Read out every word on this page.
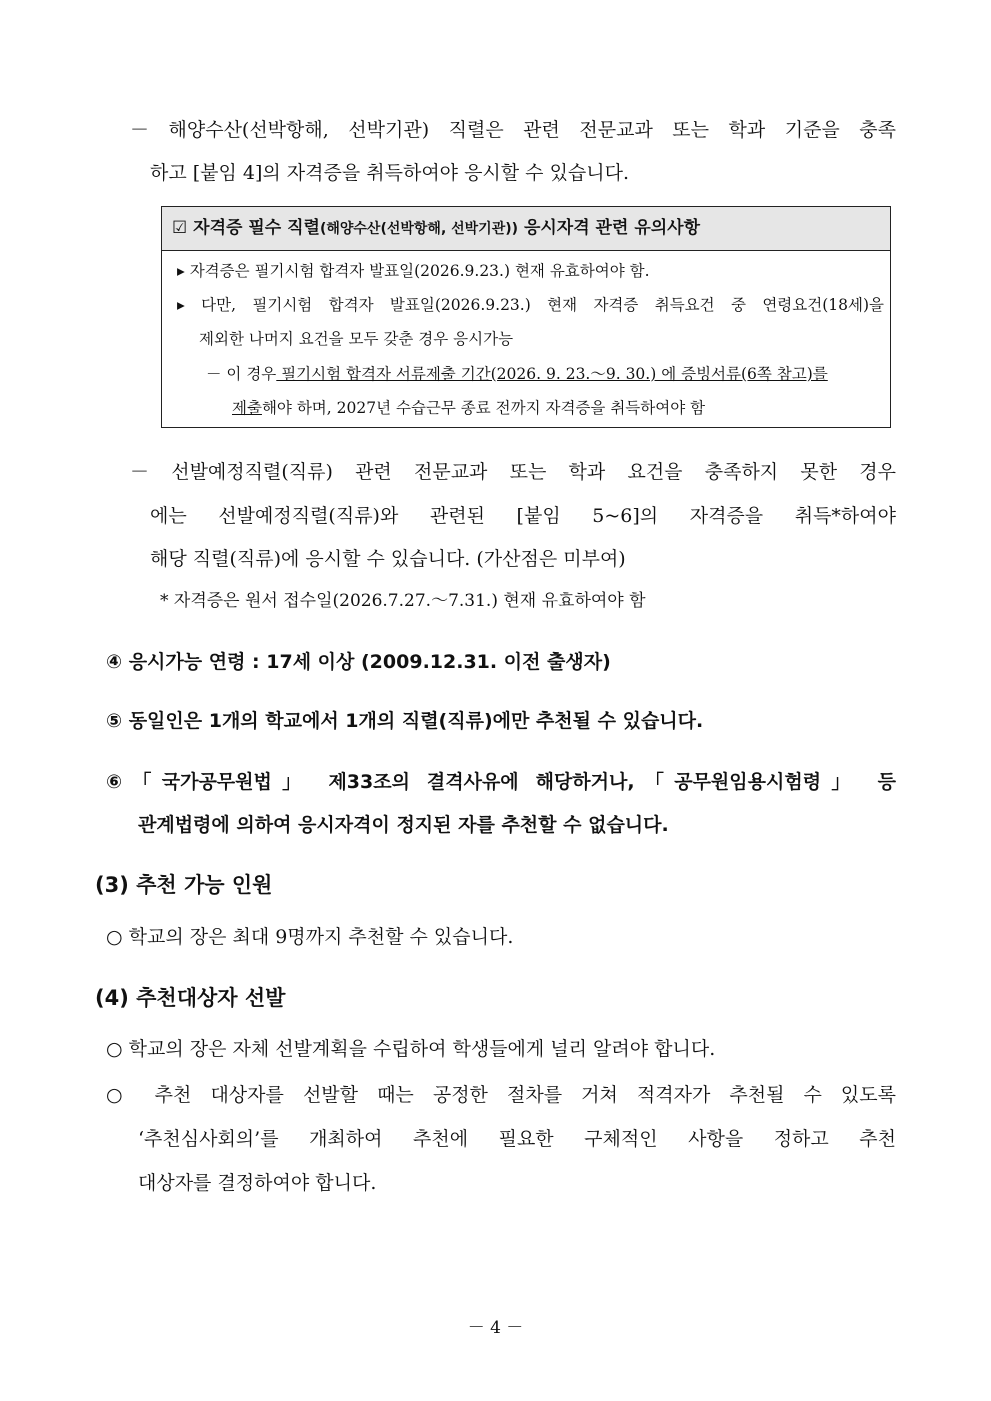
－ 해양수산(선박항해, 선박기관) 직렬은 관련 전문교과 또는 학과 기준을 충족
하고 [붙임 4]의 자격증을 취득하여야 응시할 수 있습니다.
☑ 자격증 필수 직렬(해양수산(선박항해, 선박기관)) 응시자격 관련 유의사항
▸ 자격증은 필기시험 합격자 발표일(2026.9.23.) 현재 유효하여야 함.
▸ 다만, 필기시험 합격자 발표일(2026.9.23.) 현재 자격증 취득요건 중 연령요건(18세)을
제외한 나머지 요건을 모두 갖춘 경우 응시가능
－ 이 경우 필기시험 합격자 서류제출 기간(2026. 9. 23.～9. 30.) 에 증빙서류(6쪽 참고)를
제출해야 하며, 2027년 수습근무 종료 전까지 자격증을 취득하여야 함
－ 선발예정직렬(직류) 관련 전문교과 또는 학과 요건을 충족하지 못한 경우
에는 선발예정직렬(직류)와 관련된 [붙임 5~6]의 자격증을 취득*하여야
해당 직렬(직류)에 응시할 수 있습니다. (가산점은 미부여)
* 자격증은 원서 접수일(2026.7.27.～7.31.) 현재 유효하여야 함
④ 응시가능 연령 : 17세 이상 (2009.12.31. 이전 출생자)
⑤ 동일인은 1개의 학교에서 1개의 직렬(직류)에만 추천될 수 있습니다.
⑥「국가공무원법」 제33조의 결격사유에 해당하거나,「공무원임용시험령」 등
관계법령에 의하여 응시자격이 정지된 자를 추천할 수 없습니다.
(3) 추천 가능 인원
○ 학교의 장은 최대 9명까지 추천할 수 있습니다.
(4) 추천대상자 선발
○ 학교의 장은 자체 선발계획을 수립하여 학생들에게 널리 알려야 합니다.
○ 추천 대상자를 선발할 때는 공정한 절차를 거쳐 적격자가 추천될 수 있도록
‘추천심사회의’를 개최하여 추천에 필요한 구체적인 사항을 정하고 추천
대상자를 결정하여야 합니다.
－ 4 －
